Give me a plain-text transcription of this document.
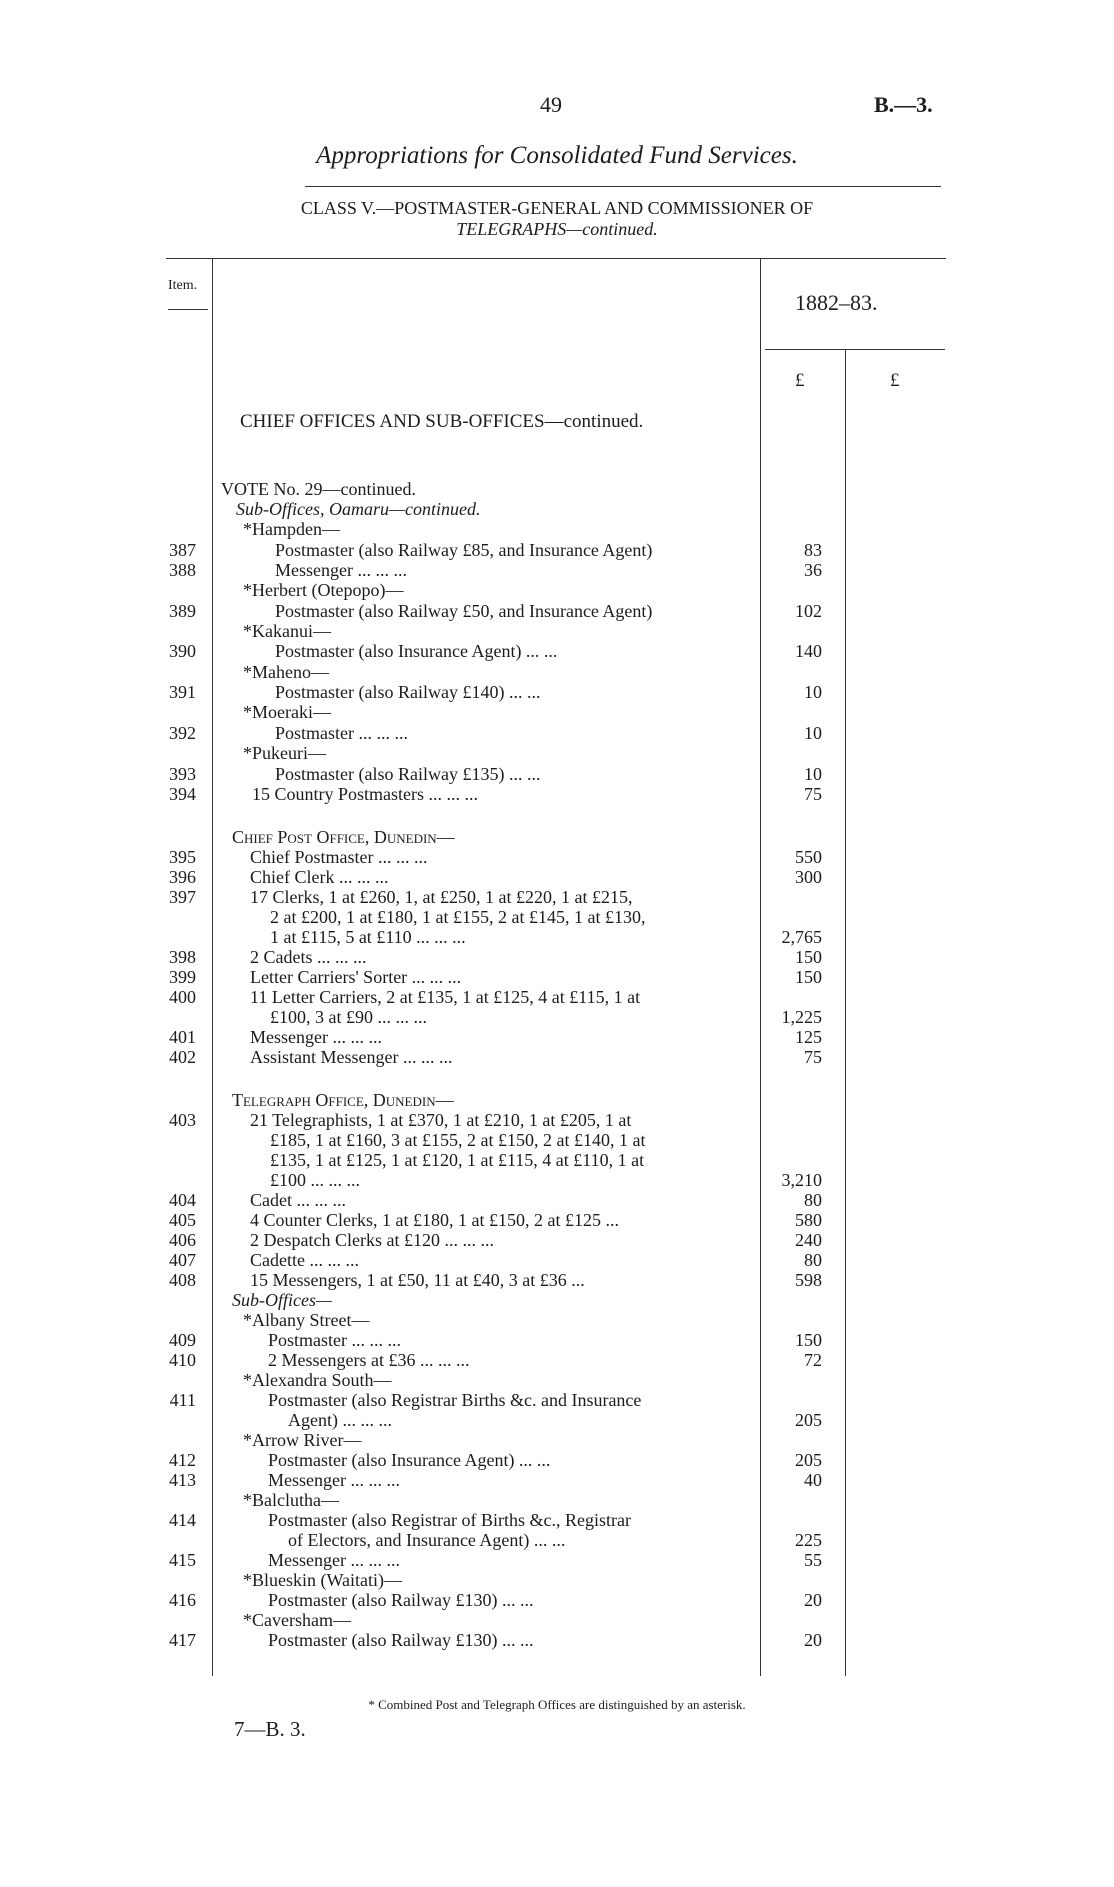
49	B.—3.
Appropriations for Consolidated Fund Services.
CLASS V.—POSTMASTER-GENERAL AND COMMISSIONER OF
TELEGRAPHS—continued.
Item.
1882–83.
£	£
CHIEF OFFICES AND SUB-OFFICES—continued.
VOTE No. 29—continued.
Sub-Offices, Oamaru—continued.
*Hampden—
387	Postmaster (also Railway £85, and Insurance Agent)	83
388	Messenger ... ... ...	36
*Herbert (Otepopo)—
389	Postmaster (also Railway £50, and Insurance Agent)	102
*Kakanui—
390	Postmaster (also Insurance Agent) ... ...	140
*Maheno—
391	Postmaster (also Railway £140) ... ...	10
*Moeraki—
392	Postmaster ... ... ...	10
*Pukeuri—
393	Postmaster (also Railway £135) ... ...	10
394	15 Country Postmasters ... ... ...	75
Chief Post Office, Dunedin—
395	Chief Postmaster ... ... ...	550
396	Chief Clerk ... ... ...	300
397	17 Clerks, 1 at £260, 1, at £250, 1 at £220, 1 at £215,
2 at £200, 1 at £180, 1 at £155, 2 at £145, 1 at £130,
1 at £115, 5 at £110 ... ... ...	2,765
398	2 Cadets ... ... ...	150
399	Letter Carriers' Sorter ... ... ...	150
400	11 Letter Carriers, 2 at £135, 1 at £125, 4 at £115, 1 at
£100, 3 at £90 ... ... ...	1,225
401	Messenger ... ... ...	125
402	Assistant Messenger ... ... ...	75
Telegraph Office, Dunedin—
403	21 Telegraphists, 1 at £370, 1 at £210, 1 at £205, 1 at
£185, 1 at £160, 3 at £155, 2 at £150, 2 at £140, 1 at
£135, 1 at £125, 1 at £120, 1 at £115, 4 at £110, 1 at
£100 ... ... ...	3,210
404	Cadet ... ... ...	80
405	4 Counter Clerks, 1 at £180, 1 at £150, 2 at £125 ...	580
406	2 Despatch Clerks at £120 ... ... ...	240
407	Cadette ... ... ...	80
408	15 Messengers, 1 at £50, 11 at £40, 3 at £36 ...	598
Sub-Offices—
*Albany Street—
409	Postmaster ... ... ...	150
410	2 Messengers at £36 ... ... ...	72
*Alexandra South—
411	Postmaster (also Registrar Births &c. and Insurance
Agent) ... ... ...	205
*Arrow River—
412	Postmaster (also Insurance Agent) ... ...	205
413	Messenger ... ... ...	40
*Balclutha—
414	Postmaster (also Registrar of Births &c., Registrar
of Electors, and Insurance Agent) ... ...	225
415	Messenger ... ... ...	55
*Blueskin (Waitati)—
416	Postmaster (also Railway £130) ... ...	20
*Caversham—
417	Postmaster (also Railway £130) ... ...	20
* Combined Post and Telegraph Offices are distinguished by an asterisk.
7—B. 3.
